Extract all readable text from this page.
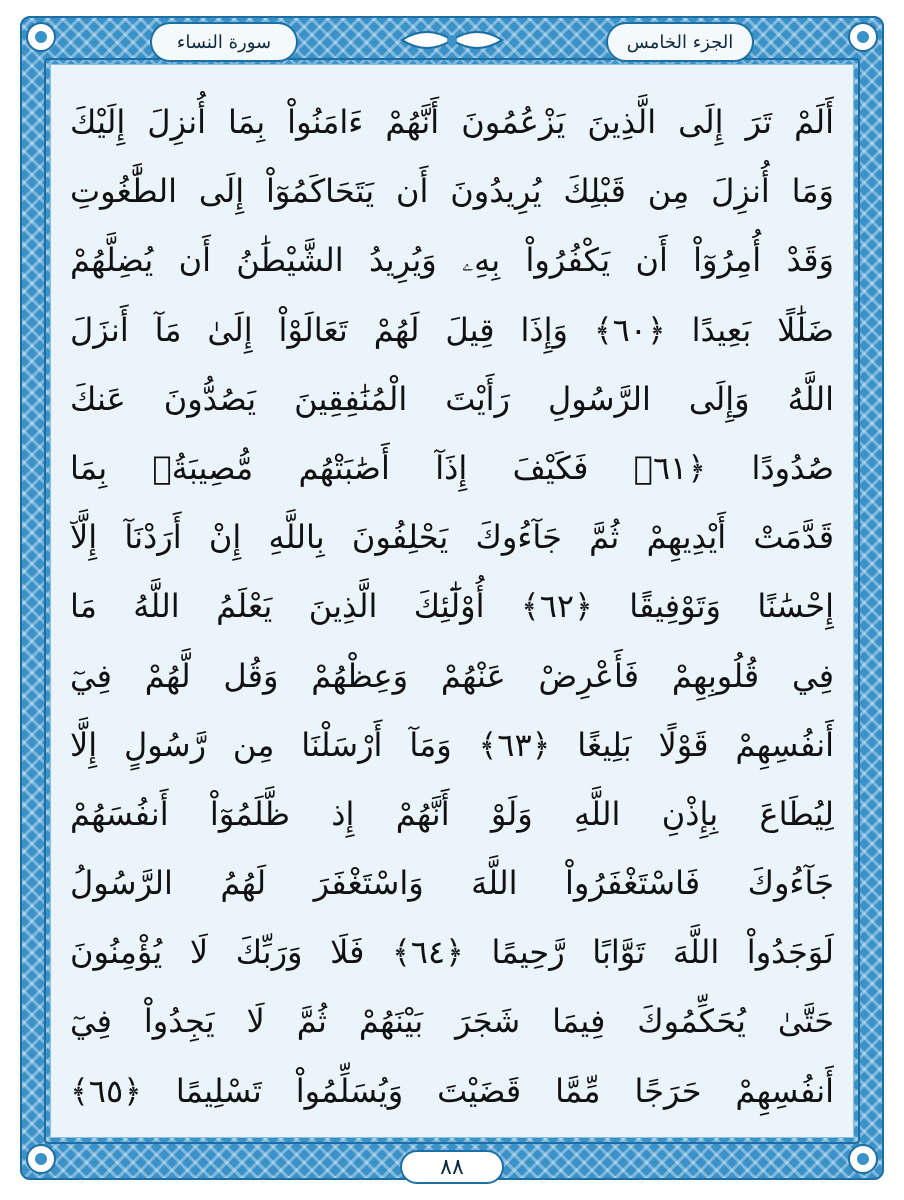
سورة النساء	الجزء الخامس
أَلَمْ تَرَ إِلَى الَّذِينَ يَزْعُمُونَ أَنَّهُمْ ءَامَنُواْ بِمَا أُنزِلَ إِلَيْكَ
وَمَا أُنزِلَ مِن قَبْلِكَ يُرِيدُونَ أَن يَتَحَاكَمُوٓاْ إِلَى الطَّٰغُوتِ
وَقَدْ أُمِرُوٓاْ أَن يَكْفُرُواْ بِهِۦ وَيُرِيدُ الشَّيْطَٰنُ أَن يُضِلَّهُمْ
ضَلَٰلًا بَعِيدًا ﴿٦٠﴾ وَإِذَا قِيلَ لَهُمْ تَعَالَوْاْ إِلَىٰ مَآ أَنزَلَ
اللَّهُ وَإِلَى الرَّسُولِ رَأَيْتَ الْمُنَٰفِقِينَ يَصُدُّونَ عَنكَ
صُدُودًا ﴿٦١﴾ فَكَيْفَ إِذَآ أَصَٰبَتْهُم مُّصِيبَةُۢ بِمَا
قَدَّمَتْ أَيْدِيهِمْ ثُمَّ جَآءُوكَ يَحْلِفُونَ بِاللَّهِ إِنْ أَرَدْنَآ إِلَّآ
إِحْسَٰنًا وَتَوْفِيقًا ﴿٦٢﴾ أُوْلَٰٓئِكَ الَّذِينَ يَعْلَمُ اللَّهُ مَا
فِي قُلُوبِهِمْ فَأَعْرِضْ عَنْهُمْ وَعِظْهُمْ وَقُل لَّهُمْ فِيٓ
أَنفُسِهِمْ قَوْلًا بَلِيغًا ﴿٦٣﴾ وَمَآ أَرْسَلْنَا مِن رَّسُولٍ إِلَّا
لِيُطَاعَ بِإِذْنِ اللَّهِ وَلَوْ أَنَّهُمْ إِذ ظَّلَمُوٓاْ أَنفُسَهُمْ
جَآءُوكَ فَاسْتَغْفَرُواْ اللَّهَ وَاسْتَغْفَرَ لَهُمُ الرَّسُولُ
لَوَجَدُواْ اللَّهَ تَوَّابًا رَّحِيمًا ﴿٦٤﴾ فَلَا وَرَبِّكَ لَا يُؤْمِنُونَ
حَتَّىٰ يُحَكِّمُوكَ فِيمَا شَجَرَ بَيْنَهُمْ ثُمَّ لَا يَجِدُواْ فِيٓ
أَنفُسِهِمْ حَرَجًا مِّمَّا قَضَيْتَ وَيُسَلِّمُواْ تَسْلِيمًا ﴿٦٥﴾
٨٨
